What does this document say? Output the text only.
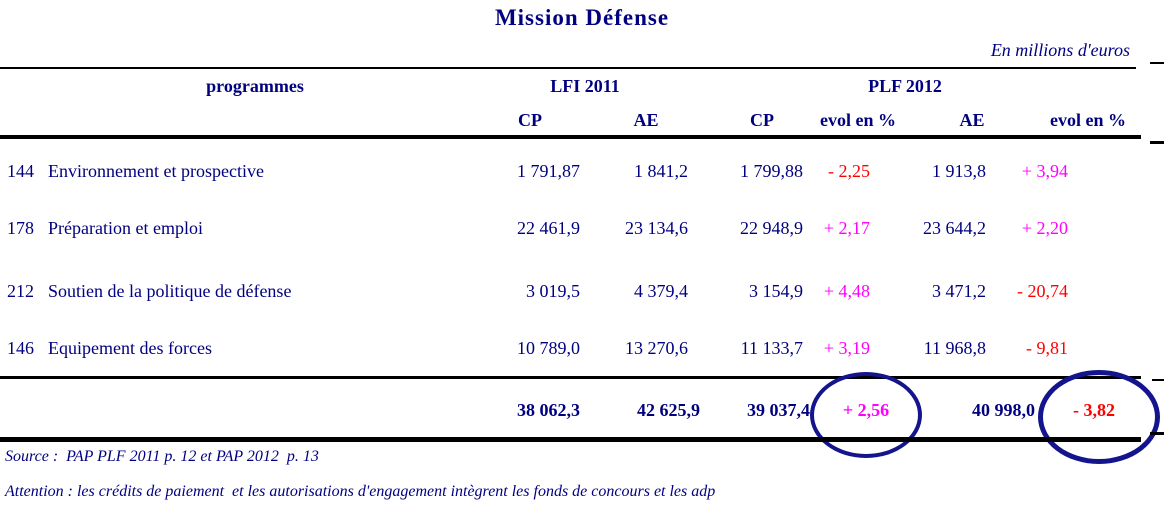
Mission Défense
En millions d'euros
programmes	LFI 2011	PLF 2012
CP	AE	CP	evol en %	AE	evol en %
144 Environnement et prospective	1 791,87	1 841,2	1 799,88	- 2,25	1 913,8	+ 3,94
178 Préparation et emploi	22 461,9	23 134,6	22 948,9	+ 2,17	23 644,2	+ 2,20
212 Soutien de la politique de défense	3 019,5	4 379,4	3 154,9	+ 4,48	3 471,2	- 20,74
146 Equipement des forces	10 789,0	13 270,6	11 133,7	+ 3,19	11 968,8	- 9,81
38 062,3	42 625,9	39 037,4	+ 2,56	40 998,0	- 3,82
Source :  PAP PLF 2011 p. 12 et PAP 2012  p. 13
Attention : les crédits de paiement  et les autorisations d'engagement intègrent les fonds de concours et les adp
